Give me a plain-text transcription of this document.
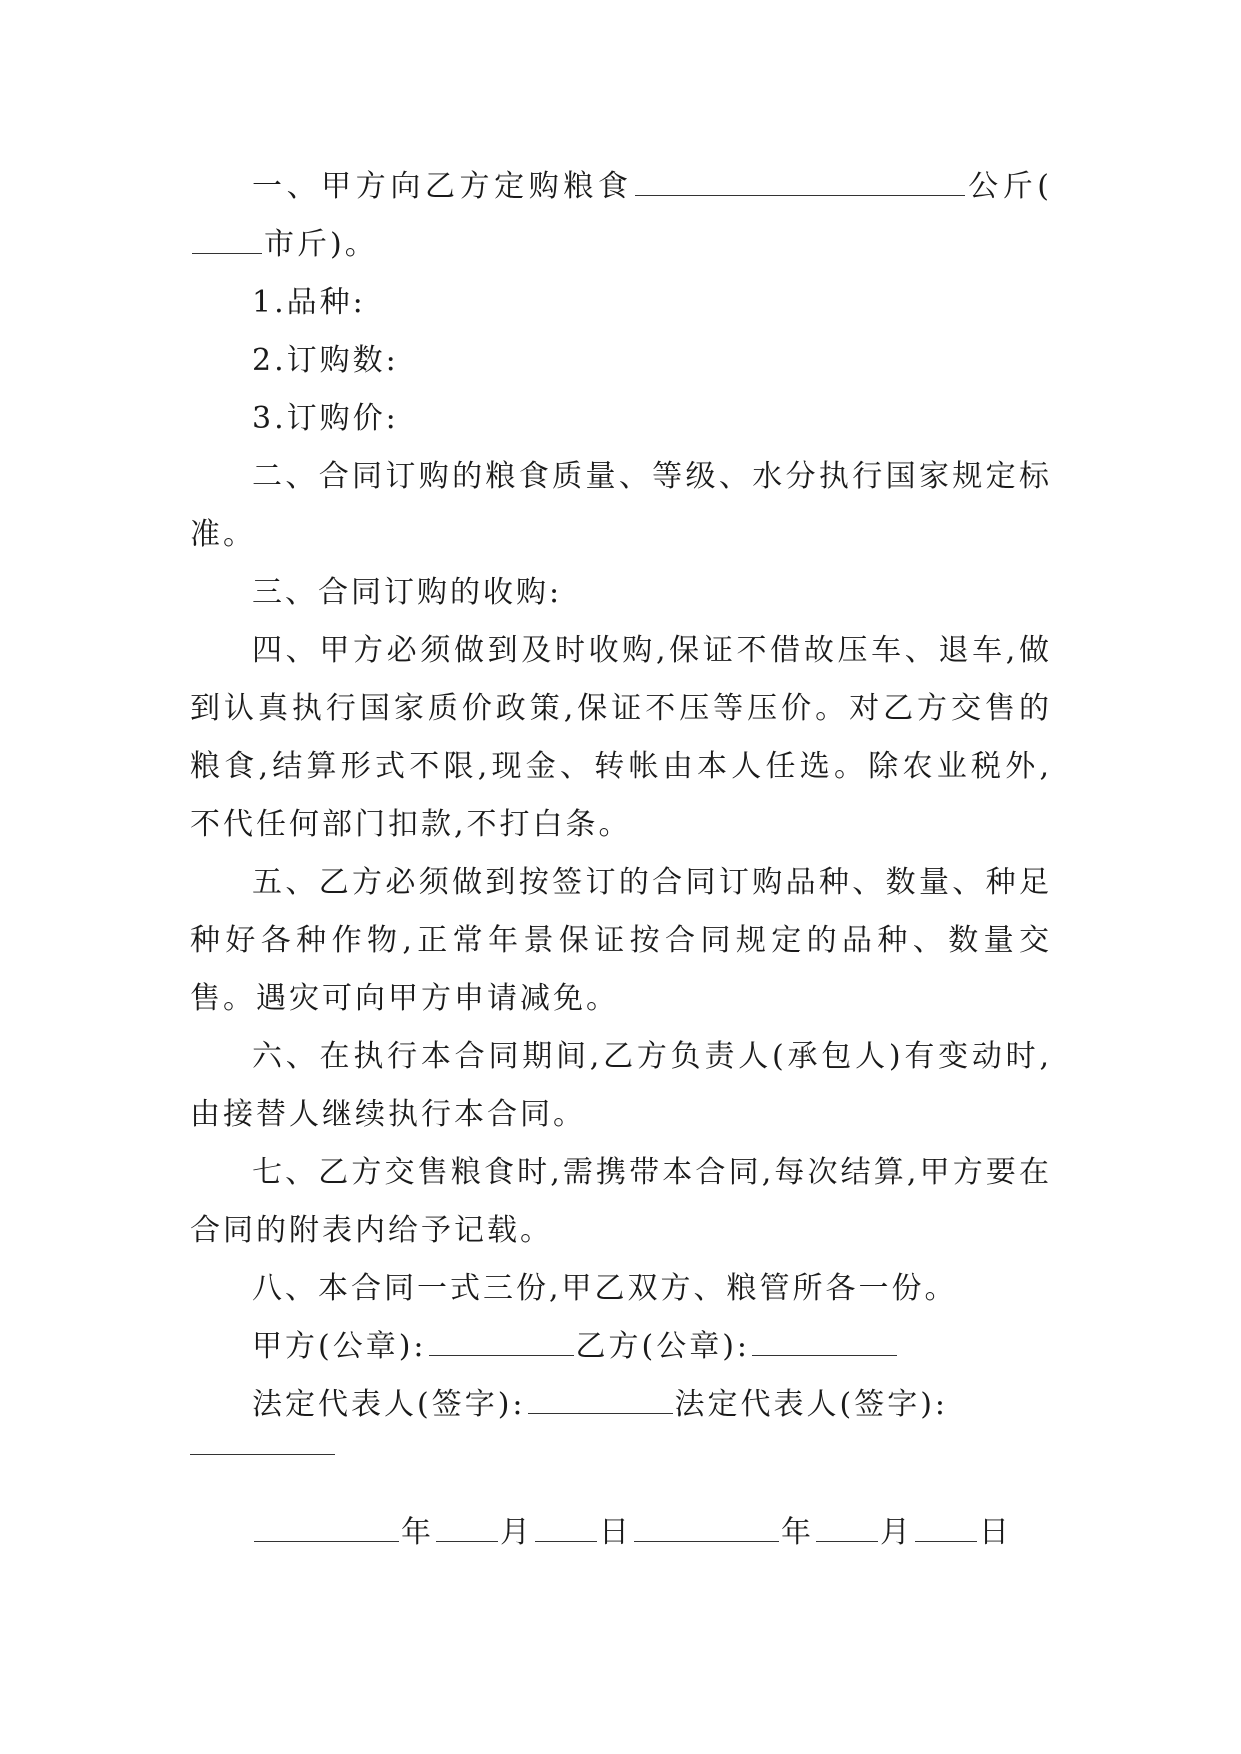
一、甲方向乙方定购粮食	公斤(市斤)。

1.品种:

2.订购数:

3.订购价:

二、合同订购的粮食质量、等级、水分执行国家规定标准。

三、合同订购的收购:

四、甲方必须做到及时收购,保证不借故压车、退车,做到认真执行国家质价政策,保证不压等压价。对乙方交售的粮食,结算形式不限,现金、转帐由本人任选。除农业税外,不代任何部门扣款,不打白条。

五、乙方必须做到按签订的合同订购品种、数量、种足种好各种作物,正常年景保证按合同规定的品种、数量交售。遇灾可向甲方申请减免。

六、在执行本合同期间,乙方负责人(承包人)有变动时,由接替人继续执行本合同。

七、乙方交售粮食时,需携带本合同,每次结算,甲方要在合同的附表内给予记载。

八、本合同一式三份,甲乙双方、粮管所各一份。

甲方(公章):	乙方(公章):

法定代表人(签字):	法定代表人(签字):

年 月 日	年 月 日
